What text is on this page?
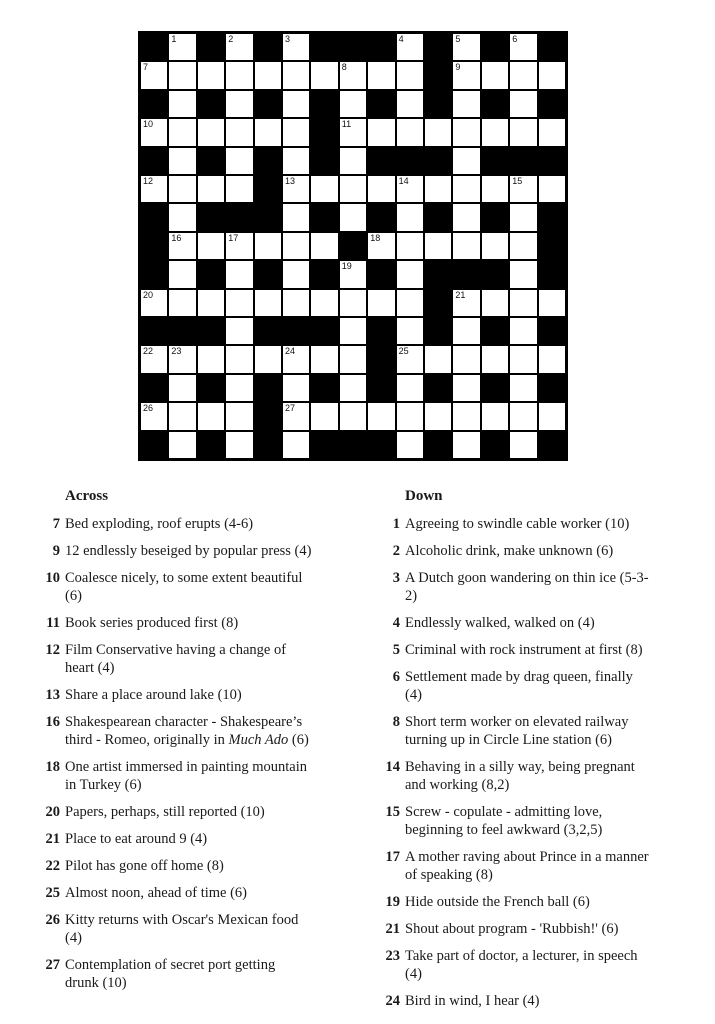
1	2	3	4	5	6
7	8	9
10	11
12	13	14	15
16	17	18
19
20	21
22 23	24	25
26	27
Across
7 Bed exploding, roof erupts (4-6)
9 12 endlessly beseiged by popular press (4)
10 Coalesce nicely, to some extent beautiful
(6)
11 Book series produced first (8)
12 Film Conservative having a change of
heart (4)
13 Share a place around lake (10)
16 Shakespearean character - Shakespeare’s
third - Romeo, originally in Much Ado (6)
18 One artist immersed in painting mountain
in Turkey (6)
20 Papers, perhaps, still reported (10)
21 Place to eat around 9 (4)
22 Pilot has gone off home (8)
25 Almost noon, ahead of time (6)
26 Kitty returns with Oscar's Mexican food
(4)
27 Contemplation of secret port getting
drunk (10)
Down
1 Agreeing to swindle cable worker (10)
2 Alcoholic drink, make unknown (6)
3 A Dutch goon wandering on thin ice (5-3-
2)
4 Endlessly walked, walked on (4)
5 Criminal with rock instrument at first (8)
6 Settlement made by drag queen, finally
(4)
8 Short term worker on elevated railway
turning up in Circle Line station (6)
14 Behaving in a silly way, being pregnant
and working (8,2)
15 Screw - copulate - admitting love,
beginning to feel awkward (3,2,5)
17 A mother raving about Prince in a manner
of speaking (8)
19 Hide outside the French ball (6)
21 Shout about program - 'Rubbish!' (6)
23 Take part of doctor, a lecturer, in speech
(4)
24 Bird in wind, I hear (4)
